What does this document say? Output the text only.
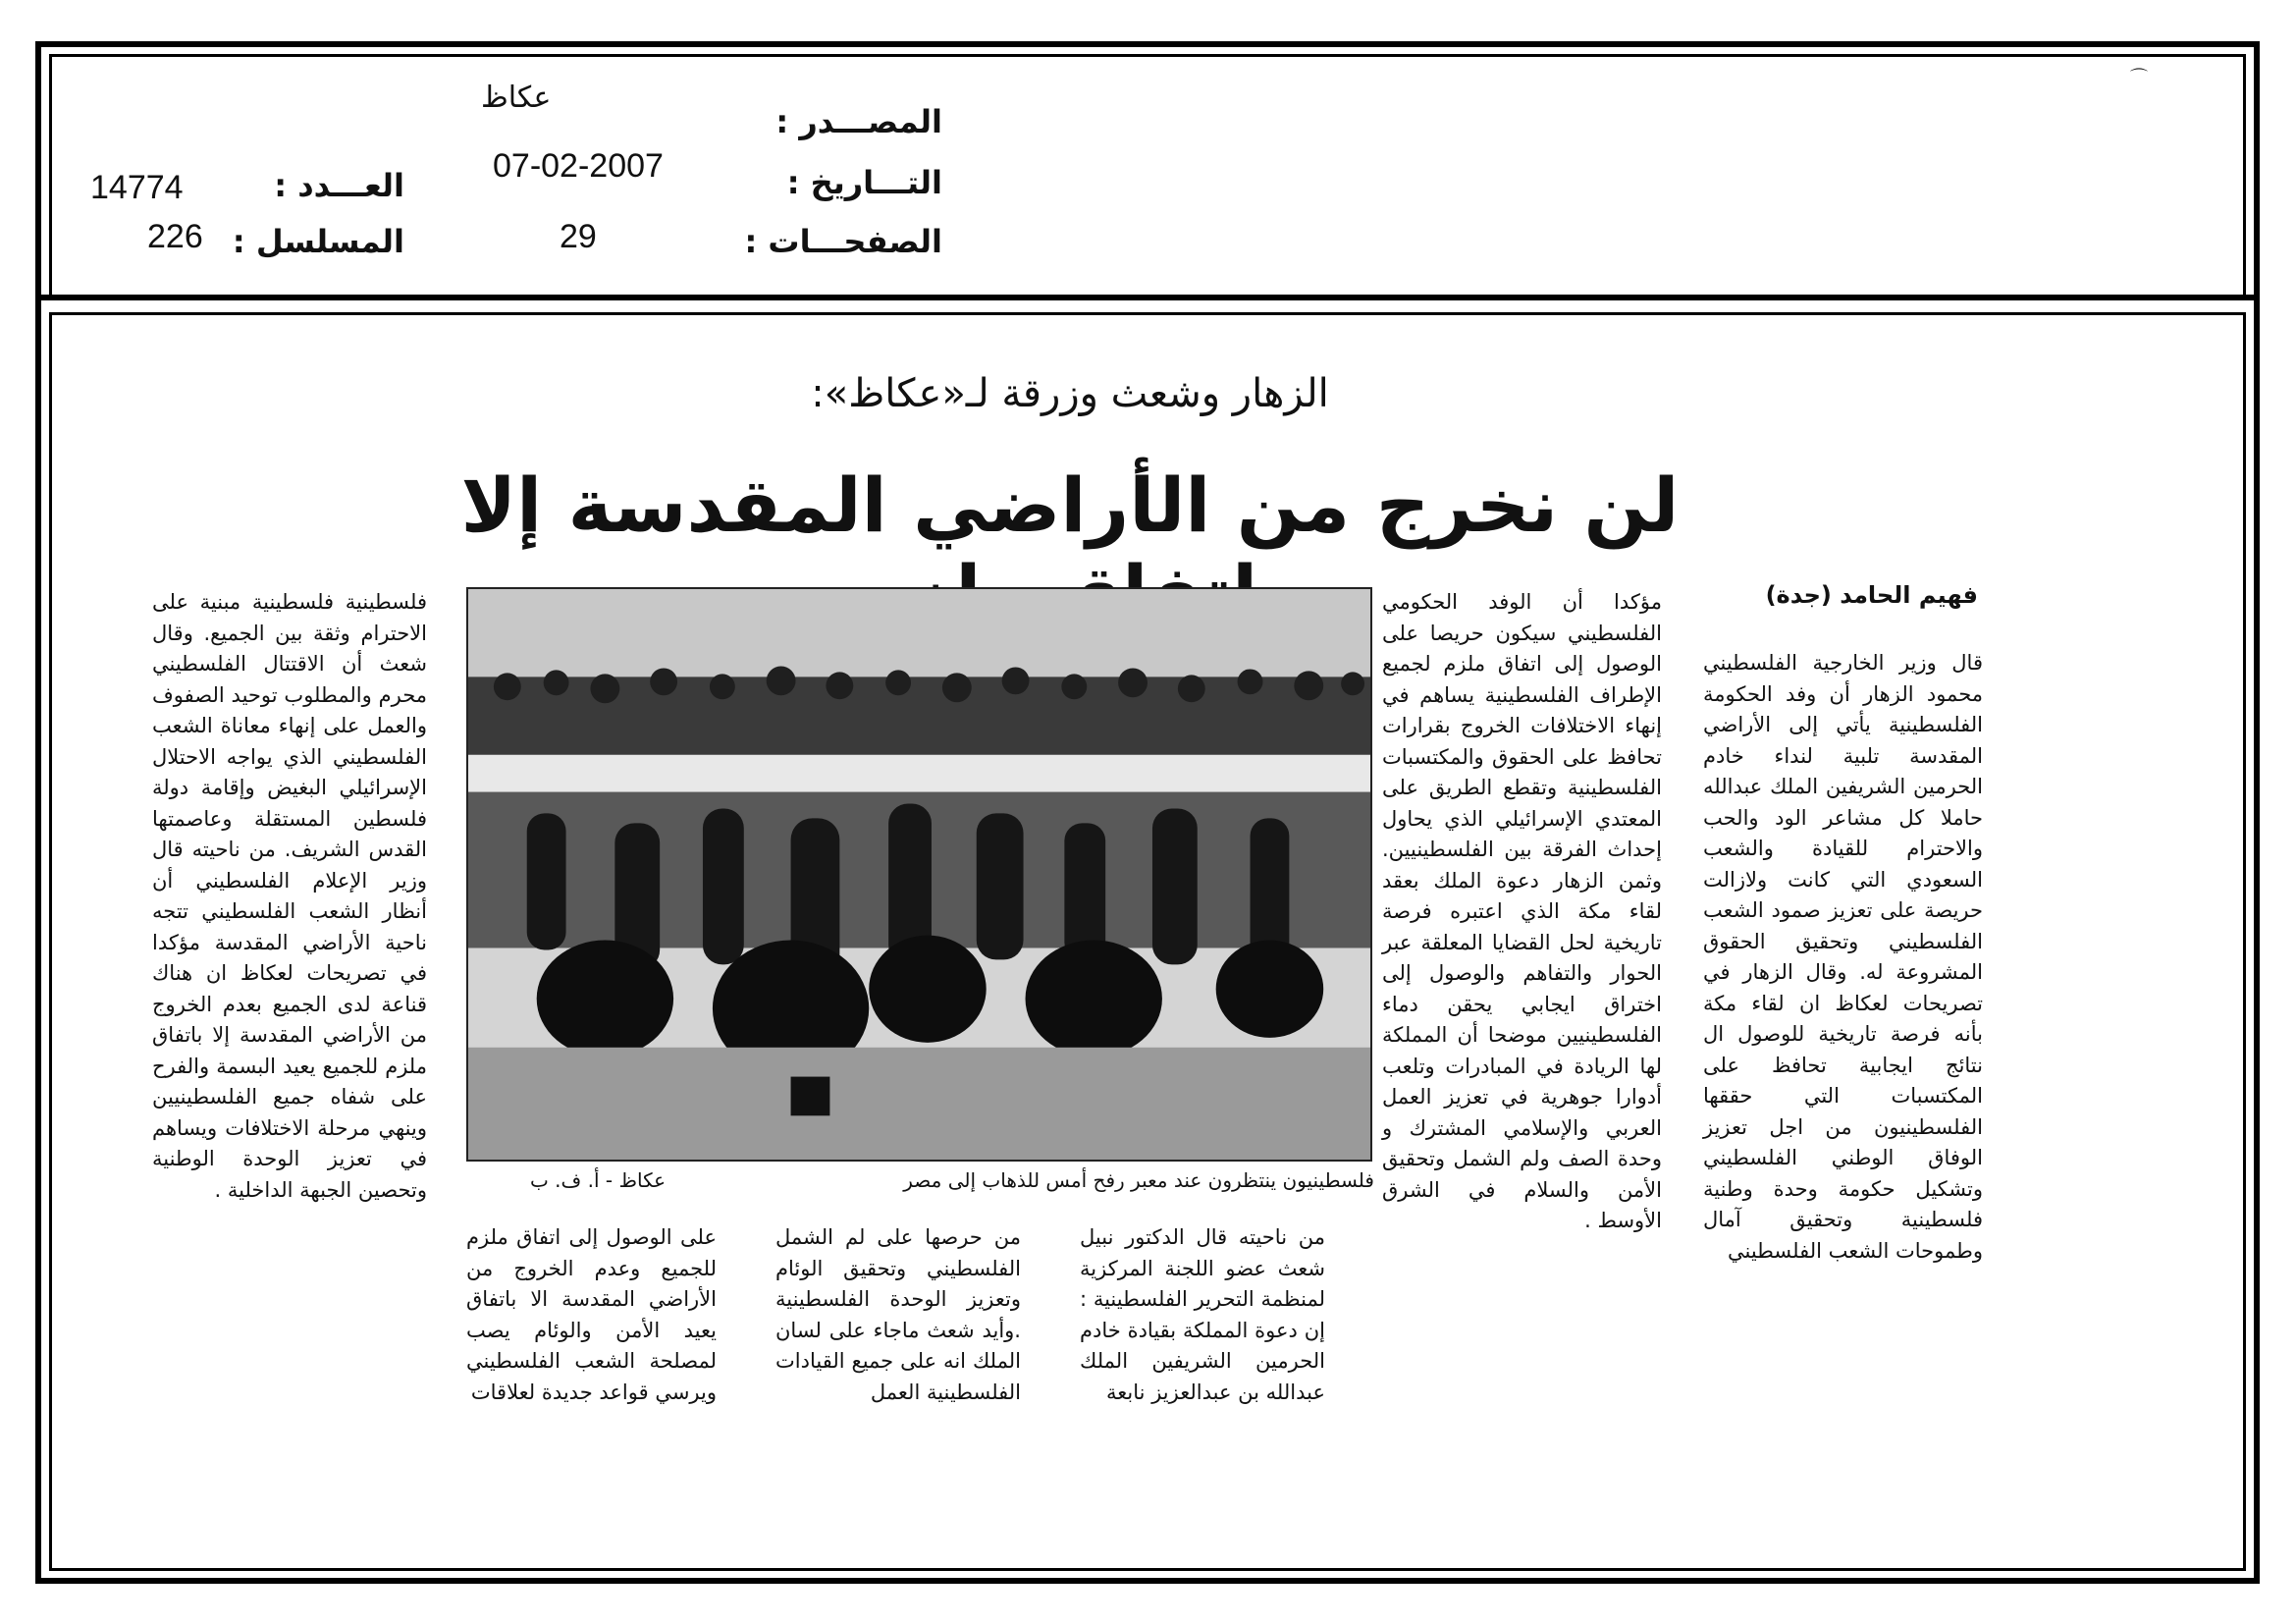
⌒
المصـــدر :
عكاظ
التـــاريخ :
07-02-2007
الصفحـــات :
29
العـــدد :
14774
المسلسل :
226
الزهار وشعث وزرقة لـ«عكاظ»:
لن نخرج من الأراضي المقدسة إلا
فهيم الحامد (جدة)

قال وزير الخارجية الفلسطيني محمود الزهار أن وفد الحكومة الفلسطينية يأتي إلى الأراضي المقدسة تلبية لنداء خادم الحرمين الشريفين الملك عبدالله حاملا كل مشاعر الود والحب والاحترام للقيادة والشعب السعودي التي كانت ولازالت حريصة على تعزيز صمود الشعب الفلسطيني وتحقيق الحقوق المشروعة له. وقال الزهار في تصريحات لعكاظ ان لقاء مكة بأنه فرصة تاريخية للوصول ال نتائج ايجابية تحافظ على المكتسبات التي حققها الفلسطينيون من اجل تعزيز الوفاق الوطني الفلسطيني وتشكيل حكومة وحدة وطنية فلسطينية وتحقيق آمال وطموحات الشعب الفلسطيني

مؤكدا أن الوفد الحكومي الفلسطيني سيكون حريصا على الوصول إلى اتفاق ملزم لجميع الإطراف الفلسطينية يساهم في إنهاء الاختلافات الخروج بقرارات تحافظ على الحقوق والمكتسبات الفلسطينية وتقطع الطريق على المعتدي الإسرائيلي الذي يحاول إحداث الفرقة بين الفلسطينيين. وثمن الزهار دعوة الملك بعقد لقاء مكة الذي اعتبره فرصة تاريخية لحل القضايا المعلقة عبر الحوار والتفاهم والوصول إلى اختراق ايجابي يحقن دماء الفلسطينيين موضحا أن المملكة لها الريادة في المبادرات وتلعب أدوارا جوهرية في تعزيز العمل العربي والإسلامي المشترك و وحدة الصف ولم الشمل وتحقيق الأمن والسلام في الشرق الأوسط .

من ناحيته قال الدكتور نبيل شعث عضو اللجنة المركزية لمنظمة التحرير الفلسطينية : إن دعوة المملكة بقيادة خادم الحرمين الشريفين الملك عبدالله بن عبدالعزيز نابعة

من حرصها على لم الشمل الفلسطيني وتحقيق الوئام وتعزيز الوحدة الفلسطينية .وأيد شعث ماجاء على لسان الملك انه على جميع القيادات الفلسطينية العمل

على الوصول إلى اتفاق ملزم للجميع وعدم الخروج من الأراضي المقدسة الا باتفاق يعيد الأمن والوئام يصب لمصلحة الشعب الفلسطيني ويرسي قواعد جديدة لعلاقات

فلسطينية فلسطينية مبنية على الاحترام وثقة بين الجميع. وقال شعث أن الاقتتال الفلسطيني محرم والمطلوب توحيد الصفوف والعمل على إنهاء معاناة الشعب الفلسطيني الذي يواجه الاحتلال الإسرائيلي البغيض وإقامة دولة فلسطين المستقلة وعاصمتها القدس الشريف. من ناحيته قال وزير الإعلام الفلسطيني أن أنظار الشعب الفلسطيني تتجه ناحية الأراضي المقدسة مؤكدا في تصريحات لعكاظ ان هناك قناعة لدى الجميع بعدم الخروج من الأراضي المقدسة إلا باتفاق ملزم للجميع يعيد البسمة والفرح على شفاه جميع الفلسطينيين وينهي مرحلة الاختلافات ويساهم في تعزيز الوحدة الوطنية وتحصين الجبهة الداخلية .	فلسطينيون ينتظرون عند معبر رفح أمس للذهاب إلى مصر
عكاظ - أ. ف. ب
